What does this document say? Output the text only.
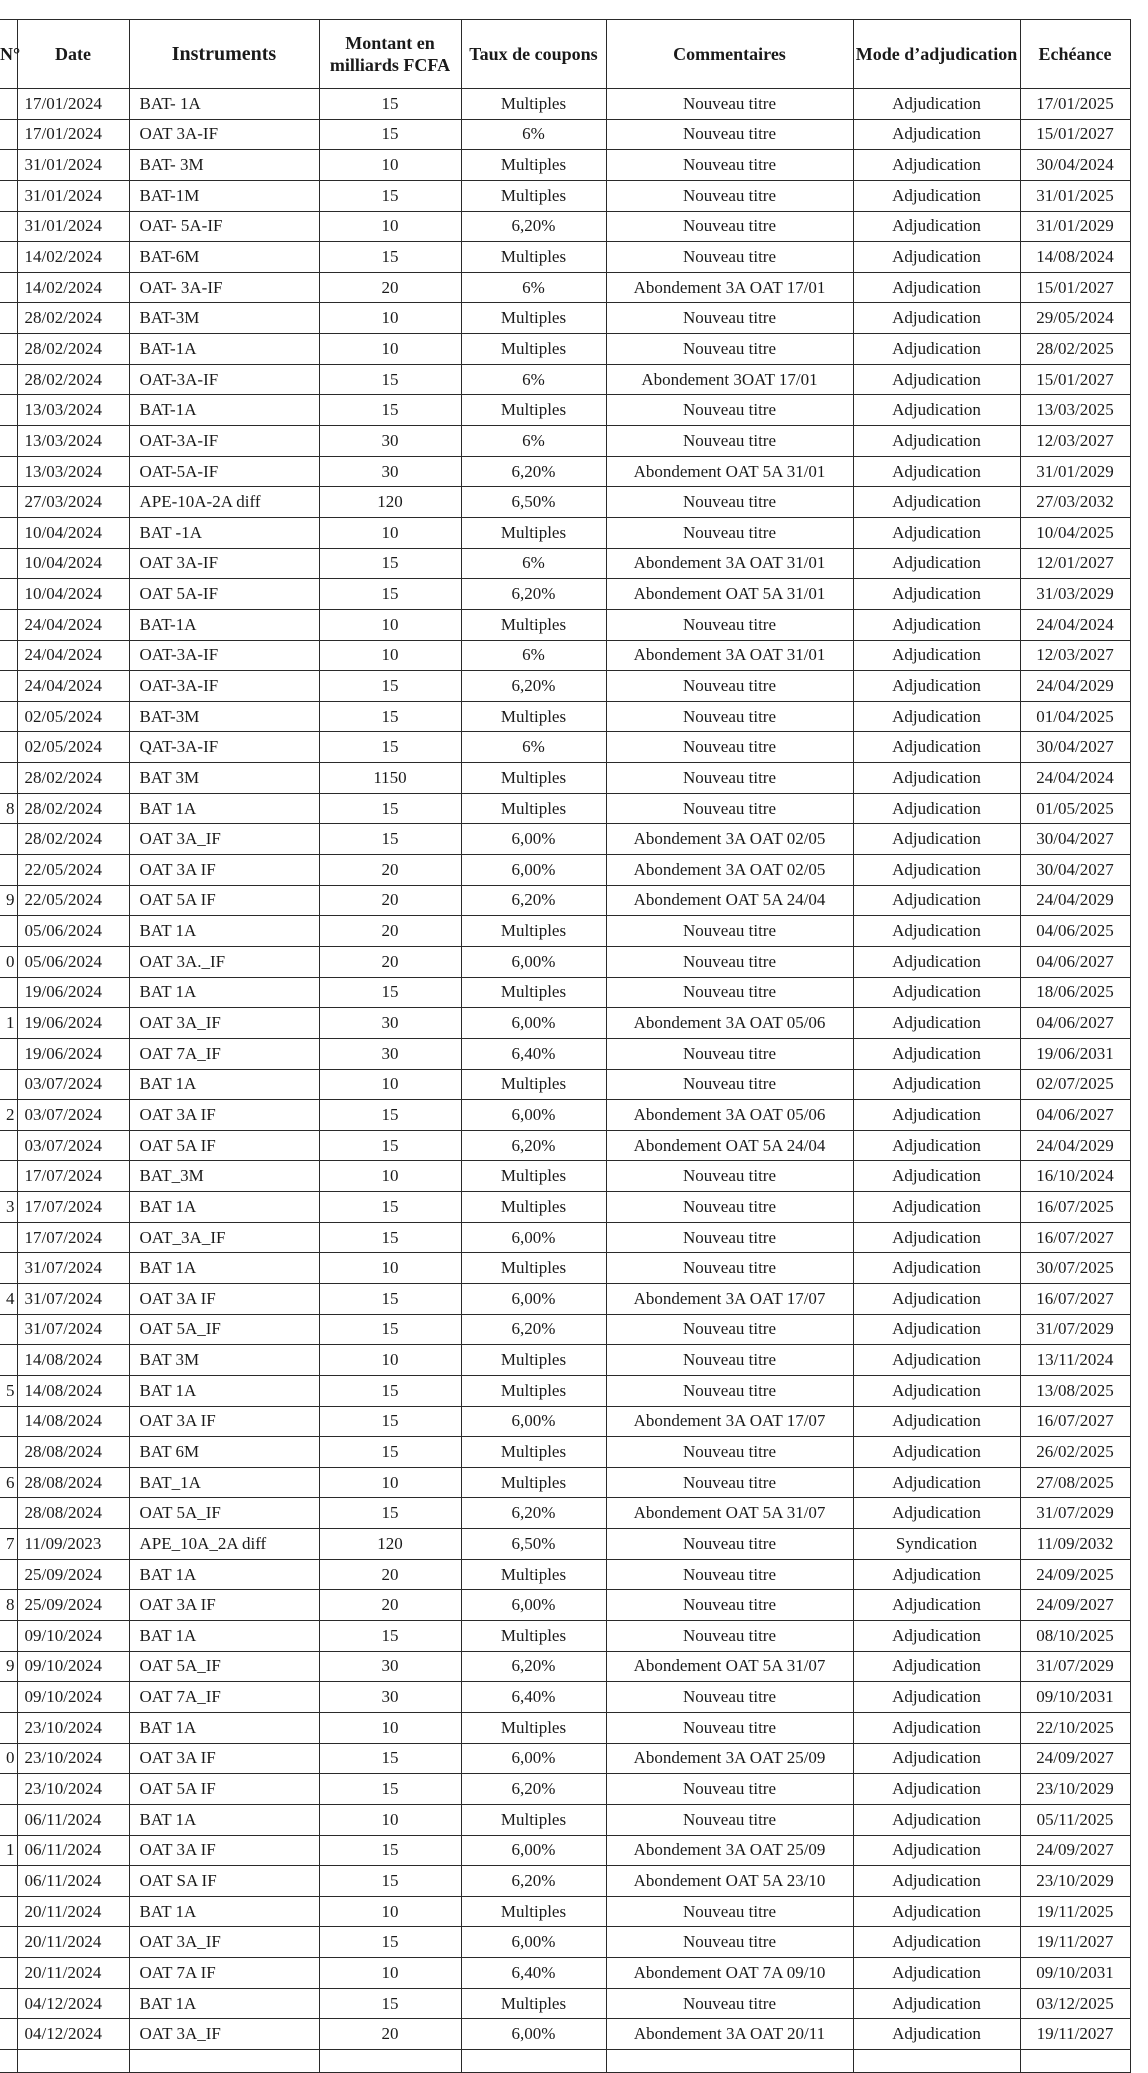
N°	Date	Instruments	Montant en milliards FCFA	Taux de coupons	Commentaires	Mode d’adjudication	Echéance
	17/01/2024	BAT- 1A	15	Multiples	Nouveau titre	Adjudication	17/01/2025
	17/01/2024	OAT 3A-IF	15	6%	Nouveau titre	Adjudication	15/01/2027
	31/01/2024	BAT- 3M	10	Multiples	Nouveau titre	Adjudication	30/04/2024
	31/01/2024	BAT-1M	15	Multiples	Nouveau titre	Adjudication	31/01/2025
	31/01/2024	OAT- 5A-IF	10	6,20%	Nouveau titre	Adjudication	31/01/2029
	14/02/2024	BAT-6M	15	Multiples	Nouveau titre	Adjudication	14/08/2024
	14/02/2024	OAT- 3A-IF	20	6%	Abondement 3A OAT 17/01	Adjudication	15/01/2027
	28/02/2024	BAT-3M	10	Multiples	Nouveau titre	Adjudication	29/05/2024
	28/02/2024	BAT-1A	10	Multiples	Nouveau titre	Adjudication	28/02/2025
	28/02/2024	OAT-3A-IF	15	6%	Abondement 3OAT 17/01	Adjudication	15/01/2027
	13/03/2024	BAT-1A	15	Multiples	Nouveau titre	Adjudication	13/03/2025
	13/03/2024	OAT-3A-IF	30	6%	Nouveau titre	Adjudication	12/03/2027
	13/03/2024	OAT-5A-IF	30	6,20%	Abondement OAT 5A 31/01	Adjudication	31/01/2029
	27/03/2024	APE-10A-2A diff	120	6,50%	Nouveau titre	Adjudication	27/03/2032
	10/04/2024	BAT -1A	10	Multiples	Nouveau titre	Adjudication	10/04/2025
	10/04/2024	OAT 3A-IF	15	6%	Abondement 3A OAT 31/01	Adjudication	12/01/2027
	10/04/2024	OAT 5A-IF	15	6,20%	Abondement OAT 5A 31/01	Adjudication	31/03/2029
	24/04/2024	BAT-1A	10	Multiples	Nouveau titre	Adjudication	24/04/2024
	24/04/2024	OAT-3A-IF	10	6%	Abondement 3A OAT 31/01	Adjudication	12/03/2027
	24/04/2024	OAT-3A-IF	15	6,20%	Nouveau titre	Adjudication	24/04/2029
	02/05/2024	BAT-3M	15	Multiples	Nouveau titre	Adjudication	01/04/2025
	02/05/2024	QAT-3A-IF	15	6%	Nouveau titre	Adjudication	30/04/2027
	28/02/2024	BAT 3M	1150	Multiples	Nouveau titre	Adjudication	24/04/2024
8	28/02/2024	BAT 1A	15	Multiples	Nouveau titre	Adjudication	01/05/2025
	28/02/2024	OAT 3A_IF	15	6,00%	Abondement 3A OAT 02/05	Adjudication	30/04/2027
	22/05/2024	OAT 3A IF	20	6,00%	Abondement 3A OAT 02/05	Adjudication	30/04/2027
9	22/05/2024	OAT 5A IF	20	6,20%	Abondement OAT 5A 24/04	Adjudication	24/04/2029
	05/06/2024	BAT 1A	20	Multiples	Nouveau titre	Adjudication	04/06/2025
0	05/06/2024	OAT 3A._IF	20	6,00%	Nouveau titre	Adjudication	04/06/2027
	19/06/2024	BAT 1A	15	Multiples	Nouveau titre	Adjudication	18/06/2025
1	19/06/2024	OAT 3A_IF	30	6,00%	Abondement 3A OAT 05/06	Adjudication	04/06/2027
	19/06/2024	OAT 7A_IF	30	6,40%	Nouveau titre	Adjudication	19/06/2031
	03/07/2024	BAT 1A	10	Multiples	Nouveau titre	Adjudication	02/07/2025
2	03/07/2024	OAT 3A IF	15	6,00%	Abondement 3A OAT 05/06	Adjudication	04/06/2027
	03/07/2024	OAT 5A IF	15	6,20%	Abondement OAT 5A 24/04	Adjudication	24/04/2029
	17/07/2024	BAT_3M	10	Multiples	Nouveau titre	Adjudication	16/10/2024
3	17/07/2024	BAT 1A	15	Multiples	Nouveau titre	Adjudication	16/07/2025
	17/07/2024	OAT_3A_IF	15	6,00%	Nouveau titre	Adjudication	16/07/2027
	31/07/2024	BAT 1A	10	Multiples	Nouveau titre	Adjudication	30/07/2025
4	31/07/2024	OAT 3A IF	15	6,00%	Abondement 3A OAT 17/07	Adjudication	16/07/2027
	31/07/2024	OAT 5A_IF	15	6,20%	Nouveau titre	Adjudication	31/07/2029
	14/08/2024	BAT 3M	10	Multiples	Nouveau titre	Adjudication	13/11/2024
5	14/08/2024	BAT 1A	15	Multiples	Nouveau titre	Adjudication	13/08/2025
	14/08/2024	OAT 3A IF	15	6,00%	Abondement 3A OAT 17/07	Adjudication	16/07/2027
	28/08/2024	BAT 6M	15	Multiples	Nouveau titre	Adjudication	26/02/2025
6	28/08/2024	BAT_1A	10	Multiples	Nouveau titre	Adjudication	27/08/2025
	28/08/2024	OAT 5A_IF	15	6,20%	Abondement OAT 5A 31/07	Adjudication	31/07/2029
7	11/09/2023	APE_10A_2A diff	120	6,50%	Nouveau titre	Syndication	11/09/2032
	25/09/2024	BAT 1A	20	Multiples	Nouveau titre	Adjudication	24/09/2025
8	25/09/2024	OAT 3A IF	20	6,00%	Nouveau titre	Adjudication	24/09/2027
	09/10/2024	BAT 1A	15	Multiples	Nouveau titre	Adjudication	08/10/2025
9	09/10/2024	OAT 5A_IF	30	6,20%	Abondement OAT 5A 31/07	Adjudication	31/07/2029
	09/10/2024	OAT 7A_IF	30	6,40%	Nouveau titre	Adjudication	09/10/2031
	23/10/2024	BAT 1A	10	Multiples	Nouveau titre	Adjudication	22/10/2025
0	23/10/2024	OAT 3A IF	15	6,00%	Abondement 3A OAT 25/09	Adjudication	24/09/2027
	23/10/2024	OAT 5A IF	15	6,20%	Nouveau titre	Adjudication	23/10/2029
	06/11/2024	BAT 1A	10	Multiples	Nouveau titre	Adjudication	05/11/2025
1	06/11/2024	OAT 3A IF	15	6,00%	Abondement 3A OAT 25/09	Adjudication	24/09/2027
	06/11/2024	OAT SA IF	15	6,20%	Abondement OAT 5A 23/10	Adjudication	23/10/2029
	20/11/2024	BAT 1A	10	Multiples	Nouveau titre	Adjudication	19/11/2025
	20/11/2024	OAT 3A_IF	15	6,00%	Nouveau titre	Adjudication	19/11/2027
	20/11/2024	OAT 7A IF	10	6,40%	Abondement OAT 7A 09/10	Adjudication	09/10/2031
	04/12/2024	BAT 1A	15	Multiples	Nouveau titre	Adjudication	03/12/2025
	04/12/2024	OAT 3A_IF	20	6,00%	Abondement 3A OAT 20/11	Adjudication	19/11/2027
